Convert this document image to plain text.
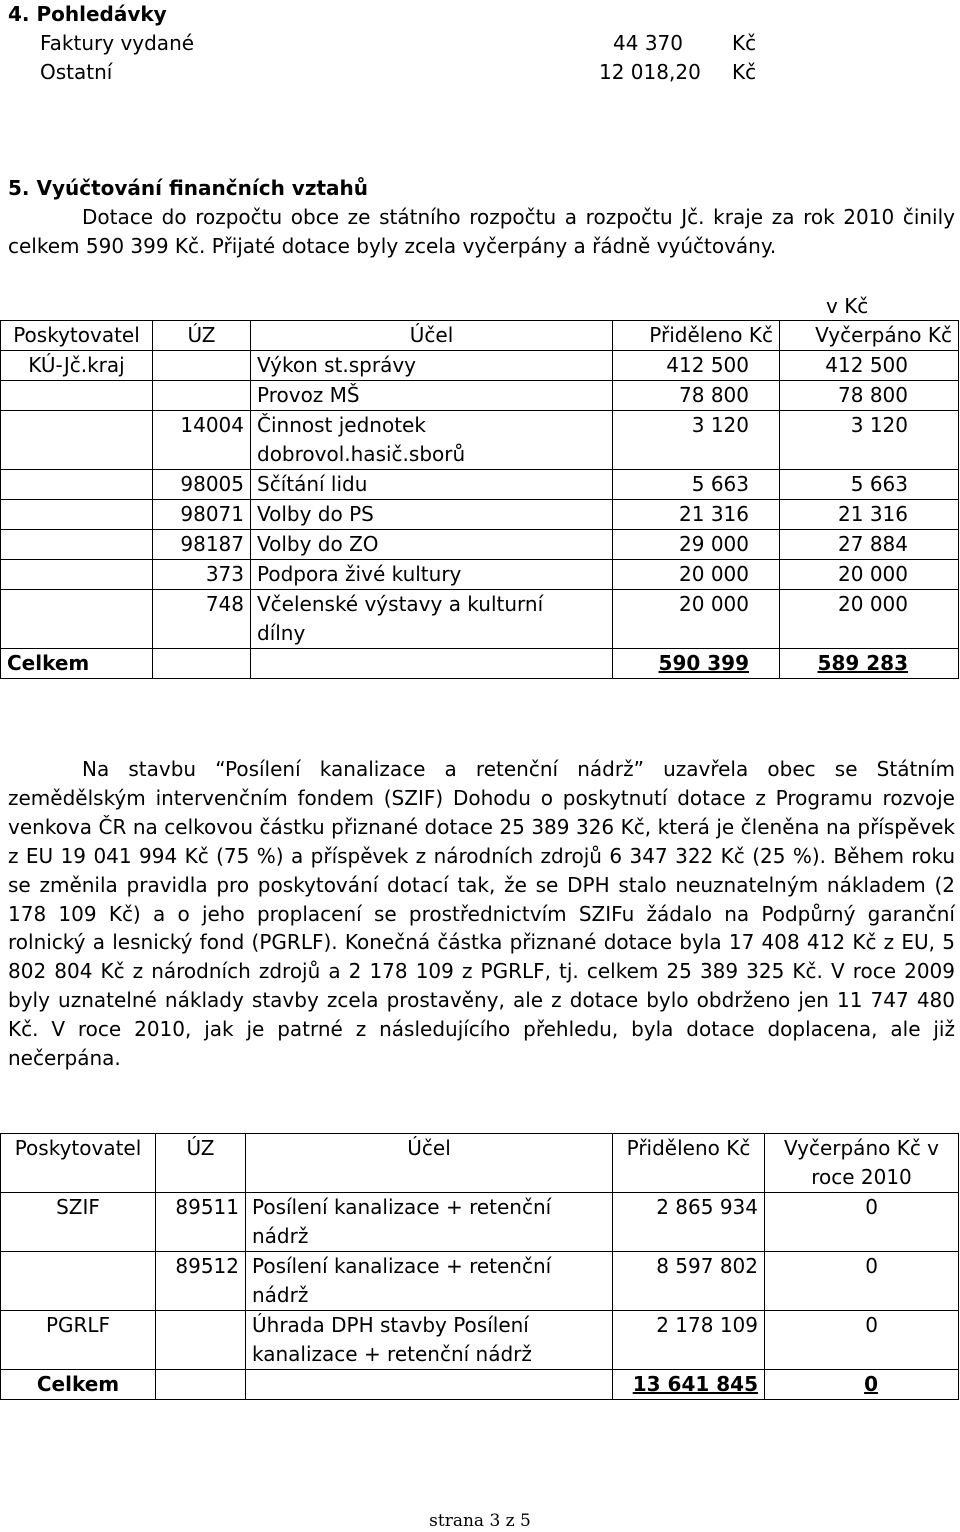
4. Pohledávky
Faktury vydané	44 370 Kč
Ostatní	12 018,20 Kč
5. Vyúčtování finančních vztahů
Dotace do rozpočtu obce ze státního rozpočtu a rozpočtu Jč. kraje za rok 2010 činily celkem 590 399 Kč. Přijaté dotace byly zcela vyčerpány a řádně vyúčtovány.
v Kč
Poskytovatel	ÚZ	Účel	Přiděleno Kč	Vyčerpáno Kč
KÚ-Jč.kraj		Výkon st.správy	412 500	412 500
		Provoz MŠ	78 800	78 800
	14004	Činnost jednotek dobrovol.hasič.sborů	3 120	3 120
	98005	Sčítání lidu	5 663	5 663
	98071	Volby do PS	21 316	21 316
	98187	Volby do ZO	29 000	27 884
	373	Podpora živé kultury	20 000	20 000
	748	Včelenské výstavy a kulturní dílny	20 000	20 000
Celkem			590 399	589 283
Na stavbu “Posílení kanalizace a retenční nádrž” uzavřela obec se Státním zemědělským intervenčním fondem (SZIF) Dohodu o poskytnutí dotace z Programu rozvoje venkova ČR na celkovou částku přiznané dotace 25 389 326 Kč, která je členěna na příspěvek z EU 19 041 994 Kč (75 %) a příspěvek z národních zdrojů 6 347 322 Kč (25 %). Během roku se změnila pravidla pro poskytování dotací tak, že se DPH stalo neuznatelným nákladem (2 178 109 Kč) a o jeho proplacení se prostřednictvím SZIFu žádalo na Podpůrný garanční rolnický a lesnický fond (PGRLF). Konečná částka přiznané dotace byla 17 408 412 Kč z EU, 5 802 804 Kč z národních zdrojů a 2 178 109 z PGRLF, tj. celkem 25 389 325 Kč. V roce 2009 byly uznatelné náklady stavby zcela prostavěny, ale z dotace bylo obdrženo jen 11 747 480 Kč. V roce 2010, jak je patrné z následujícího přehledu, byla dotace doplacena, ale již nečerpána.
Poskytovatel	ÚZ	Účel	Přiděleno Kč	Vyčerpáno Kč v roce 2010
SZIF	89511	Posílení kanalizace + retenční nádrž	2 865 934	0
	89512	Posílení kanalizace + retenční nádrž	8 597 802	0
PGRLF		Úhrada DPH stavby Posílení kanalizace + retenční nádrž	2 178 109	0
Celkem			13 641 845	0
strana 3 z 5
